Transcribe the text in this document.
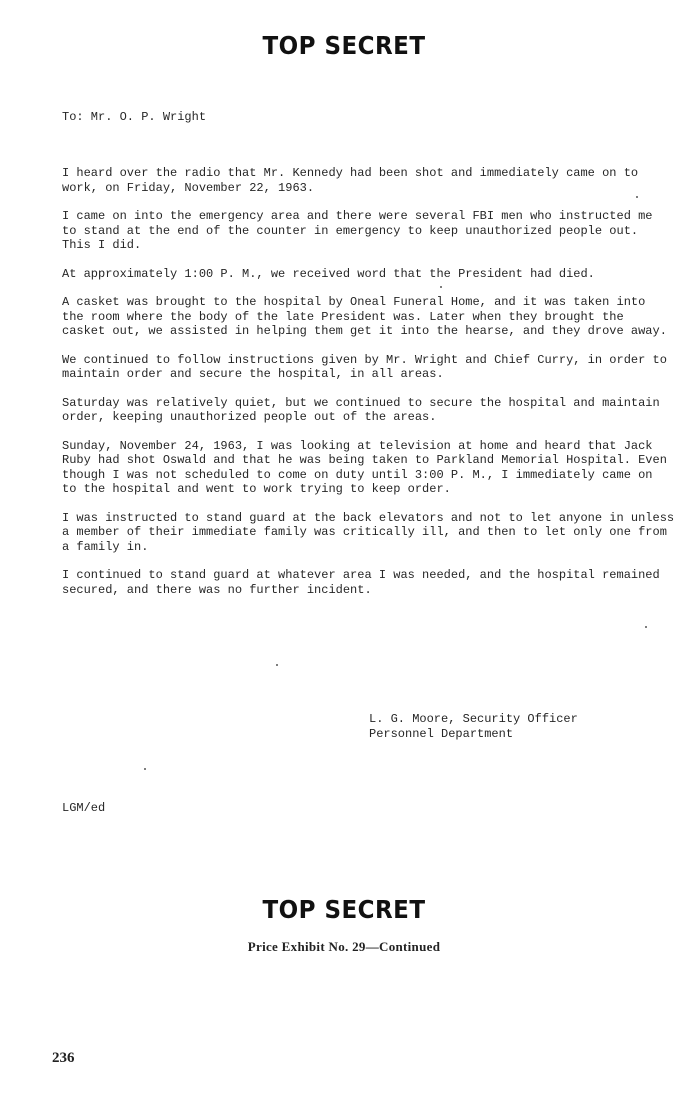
TOP SECRET
To: Mr. O. P. Wright

I heard over the radio that Mr. Kennedy had been shot and immediately came on to
work, on Friday, November 22, 1963.

I came on into the emergency area and there were several FBI men who instructed me
to stand at the end of the counter in emergency to keep unauthorized people out.
This I did.

At approximately 1:00 P. M., we received word that the President had died.

A casket was brought to the hospital by Oneal Funeral Home, and it was taken into
the room where the body of the late President was. Later when they brought the
casket out, we assisted in helping them get it into the hearse, and they drove away.

We continued to follow instructions given by Mr. Wright and Chief Curry, in order to
maintain order and secure the hospital, in all areas.

Saturday was relatively quiet, but we continued to secure the hospital and maintain
order, keeping unauthorized people out of the areas.

Sunday, November 24, 1963, I was looking at television at home and heard that Jack
Ruby had shot Oswald and that he was being taken to Parkland Memorial Hospital. Even
though I was not scheduled to come on duty until 3:00 P. M., I immediately came on
to the hospital and went to work trying to keep order.

I was instructed to stand guard at the back elevators and not to let anyone in unless
a member of their immediate family was critically ill, and then to let only one from
a family in.

I continued to stand guard at whatever area I was needed, and the hospital remained
secured, and there was no further incident.

L. G. Moore, Security Officer
Personnel Department
LGM/ed
TOP SECRET
Price Exhibit No. 29—Continued
236
